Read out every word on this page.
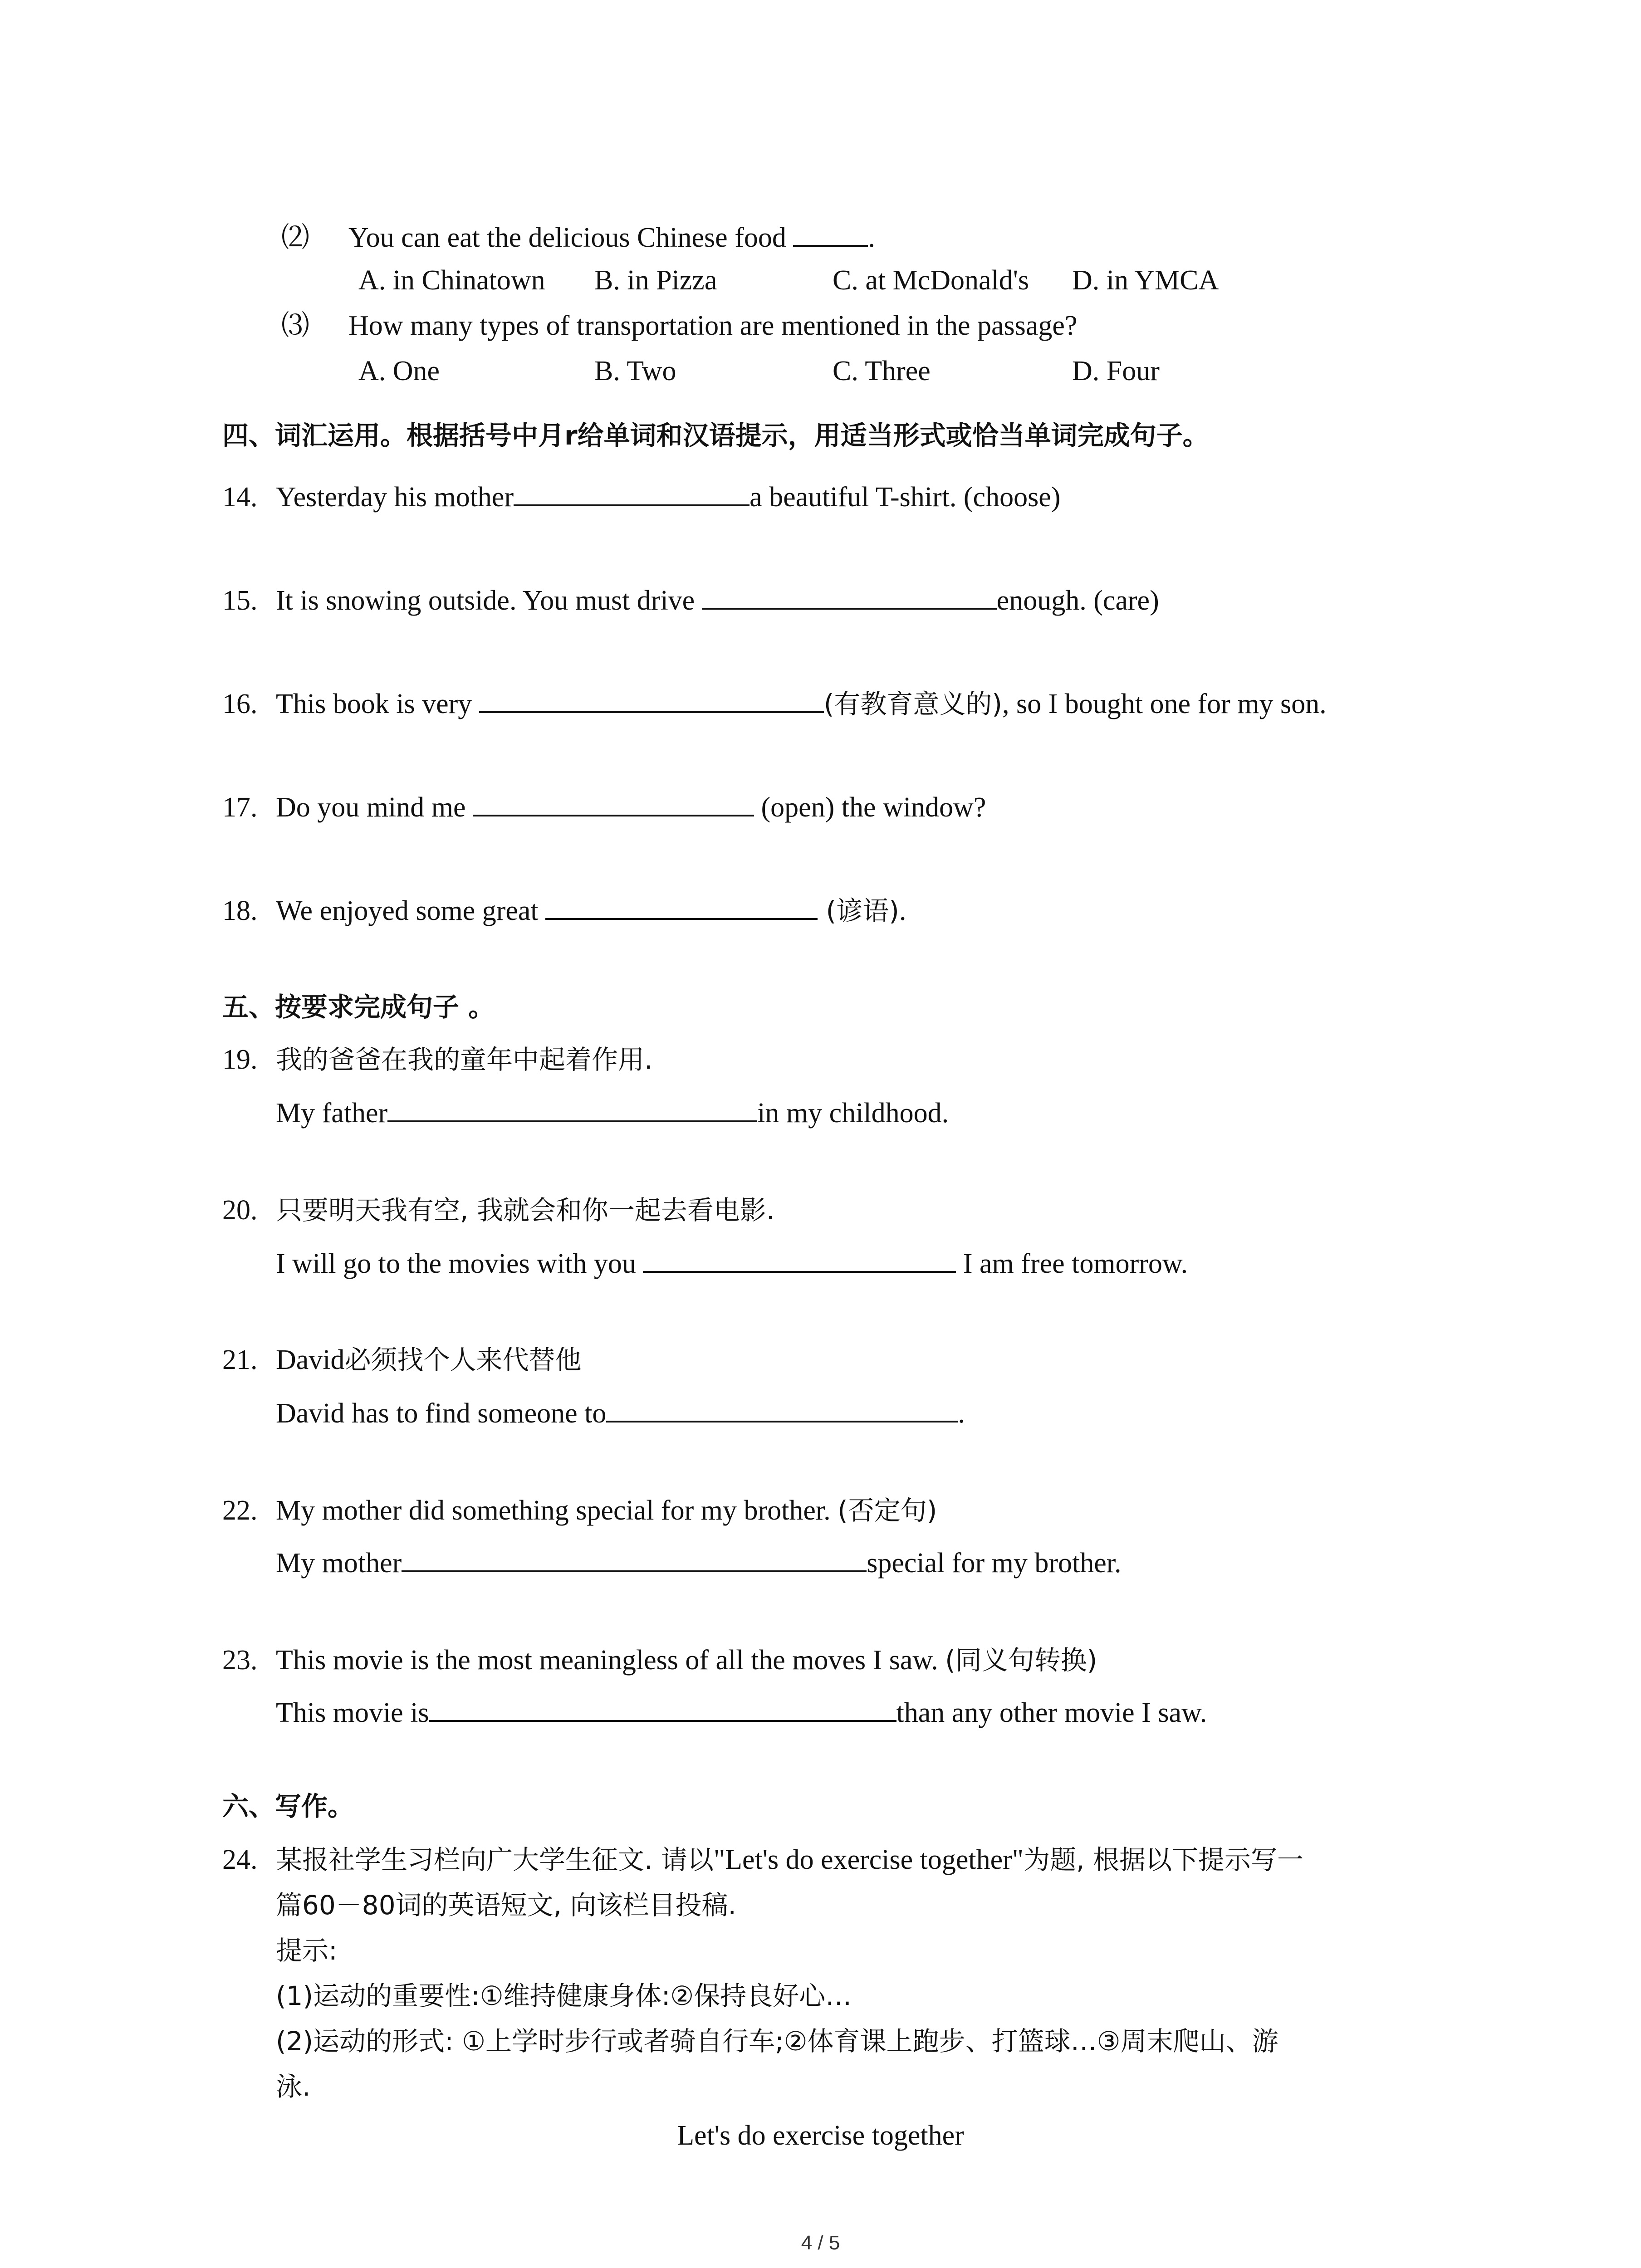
⑵ You can eat the delicious Chinese food	.
A. in Chinatown B. in Pizza	C. at McDonald's D. in YMCA
⑶ How many types of transportation are mentioned in the passage?
A. One	B. Two	C. Three	D. Four
四、词汇运用。根据括号中月r给单词和汉语提示，用适当形式或恰当单词完成句子。
14. Yesterday his mother	a beautiful T-shirt. (choose)
15. It is snowing outside. You must drive	enough. (care)
16. This book is very	(有教育意义的), so I bought one for my son.
17. Do you mind me	(open) the window?
18. We enjoyed some great	(谚语).
五、按要求完成句子 。
19. 我的爸爸在我的童年中起着作用.
My father	in my childhood.
20. 只要明天我有空, 我就会和你一起去看电影.
I will go to the movies with you	I am free tomorrow.
21. David必须找个人来代替他
David has to find someone to	.
22. My mother did something special for my brother. (否定句)
My mother	special for my brother.
23. This movie is the most meaningless of all the moves I saw. (同义句转换)
This movie is	than any other movie I saw.
六、写作。
24. 某报社学生习栏向广大学生征文. 请以"Let's do exercise together"为题, 根据以下提示写一
篇60－80词的英语短文, 向该栏目投稿.
提示:
(1)运动的重要性:①维持健康身体:②保持良好心…
(2)运动的形式: ①上学时步行或者骑自行车;②体育课上跑步、打篮球…③周末爬山、游
泳.
Let's do exercise together
4 / 5
